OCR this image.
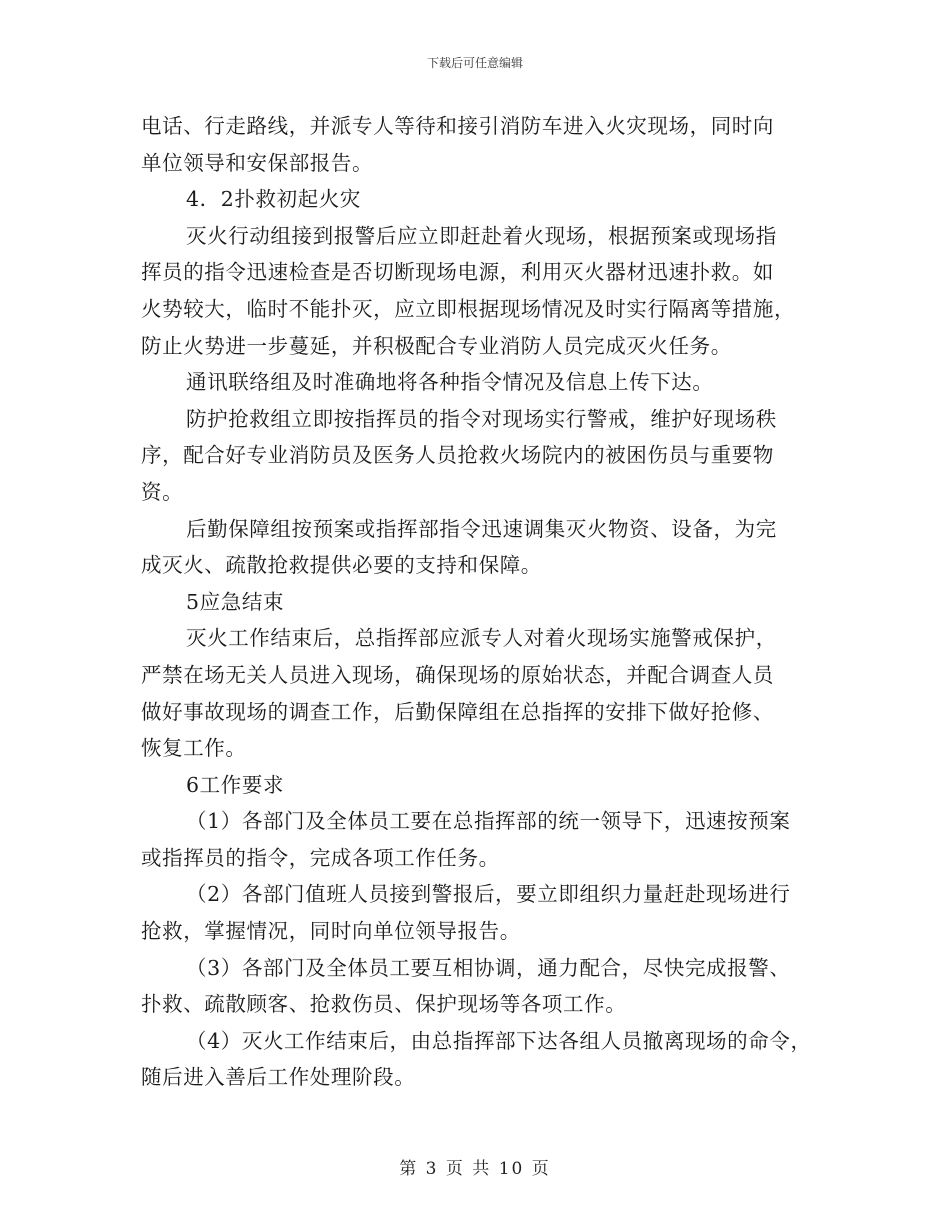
下载后可任意编辑

电话、行走路线，并派专人等待和接引消防车进入火灾现场，同时向

单位领导和安保部报告。

4．2扑救初起火灾

灭火行动组接到报警后应立即赶赴着火现场，根据预案或现场指

挥员的指令迅速检查是否切断现场电源，利用灭火器材迅速扑救。如

火势较大，临时不能扑灭，应立即根据现场情况及时实行隔离等措施，

防止火势进一步蔓延，并积极配合专业消防人员完成灭火任务。

通讯联络组及时准确地将各种指令情况及信息上传下达。

防护抢救组立即按指挥员的指令对现场实行警戒，维护好现场秩

序，配合好专业消防员及医务人员抢救火场院内的被困伤员与重要物

资。

后勤保障组按预案或指挥部指令迅速调集灭火物资、设备，为完

成灭火、疏散抢救提供必要的支持和保障。

5应急结束

灭火工作结束后，总指挥部应派专人对着火现场实施警戒保护，

严禁在场无关人员进入现场，确保现场的原始状态，并配合调查人员

做好事故现场的调查工作，后勤保障组在总指挥的安排下做好抢修、

恢复工作。

6工作要求

（1）各部门及全体员工要在总指挥部的统一领导下，迅速按预案

或指挥员的指令，完成各项工作任务。

（2）各部门值班人员接到警报后，要立即组织力量赶赴现场进行

抢救，掌握情况，同时向单位领导报告。

（3）各部门及全体员工要互相协调，通力配合，尽快完成报警、

扑救、疏散顾客、抢救伤员、保护现场等各项工作。

（4）灭火工作结束后，由总指挥部下达各组人员撤离现场的命令，

随后进入善后工作处理阶段。

第 3 页 共 10 页
